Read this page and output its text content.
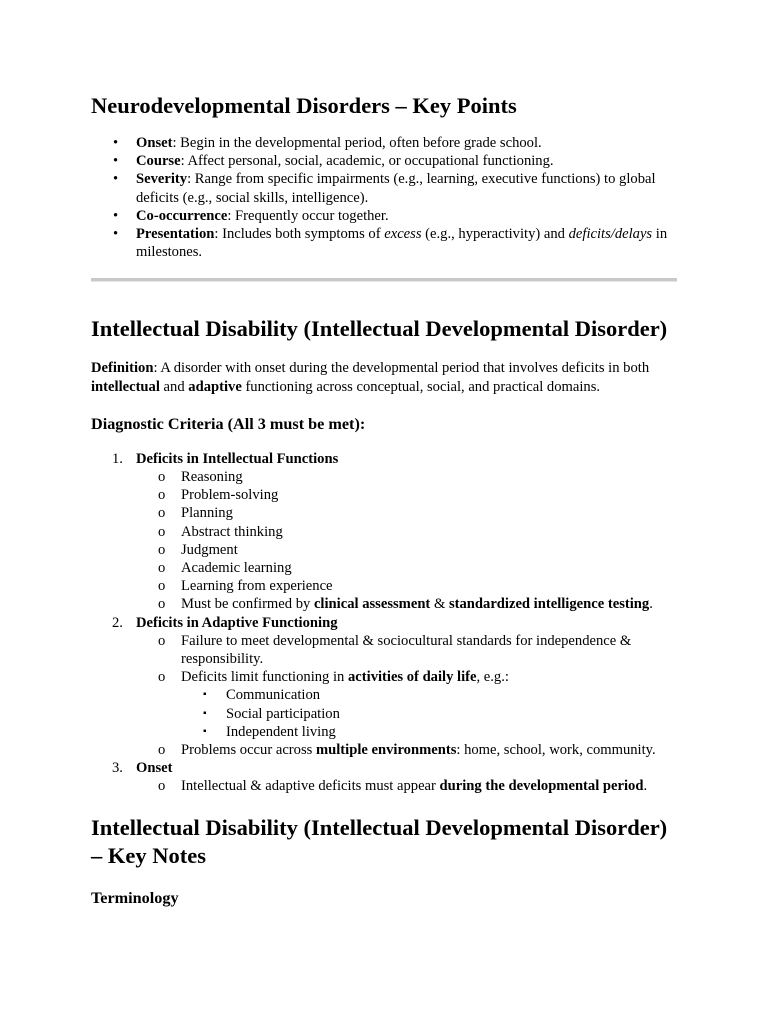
Neurodevelopmental Disorders – Key Points
•	Onset: Begin in the developmental period, often before grade school.
•	Course: Affect personal, social, academic, or occupational functioning.
•	Severity: Range from specific impairments (e.g., learning, executive functions) to global deficits (e.g., social skills, intelligence).
•	Co-occurrence: Frequently occur together.
•	Presentation: Includes both symptoms of excess (e.g., hyperactivity) and deficits/delays in milestones.
Intellectual Disability (Intellectual Developmental Disorder)

Definition: A disorder with onset during the developmental period that involves deficits in both intellectual and adaptive functioning across conceptual, social, and practical domains.

Diagnostic Criteria (All 3 must be met):
1. Deficits in Intellectual Functions
o	Reasoning
o	Problem-solving
o	Planning
o	Abstract thinking
o	Judgment
o	Academic learning
o	Learning from experience
o	Must be confirmed by clinical assessment & standardized intelligence testing.
2. Deficits in Adaptive Functioning
o	Failure to meet developmental & sociocultural standards for independence & responsibility.
o	Deficits limit functioning in activities of daily life, e.g.:
▪	Communication
▪	Social participation
▪	Independent living
o	Problems occur across multiple environments: home, school, work, community.
3. Onset
o	Intellectual & adaptive deficits must appear during the developmental period.
Intellectual Disability (Intellectual Developmental Disorder) – Key Notes
Terminology
